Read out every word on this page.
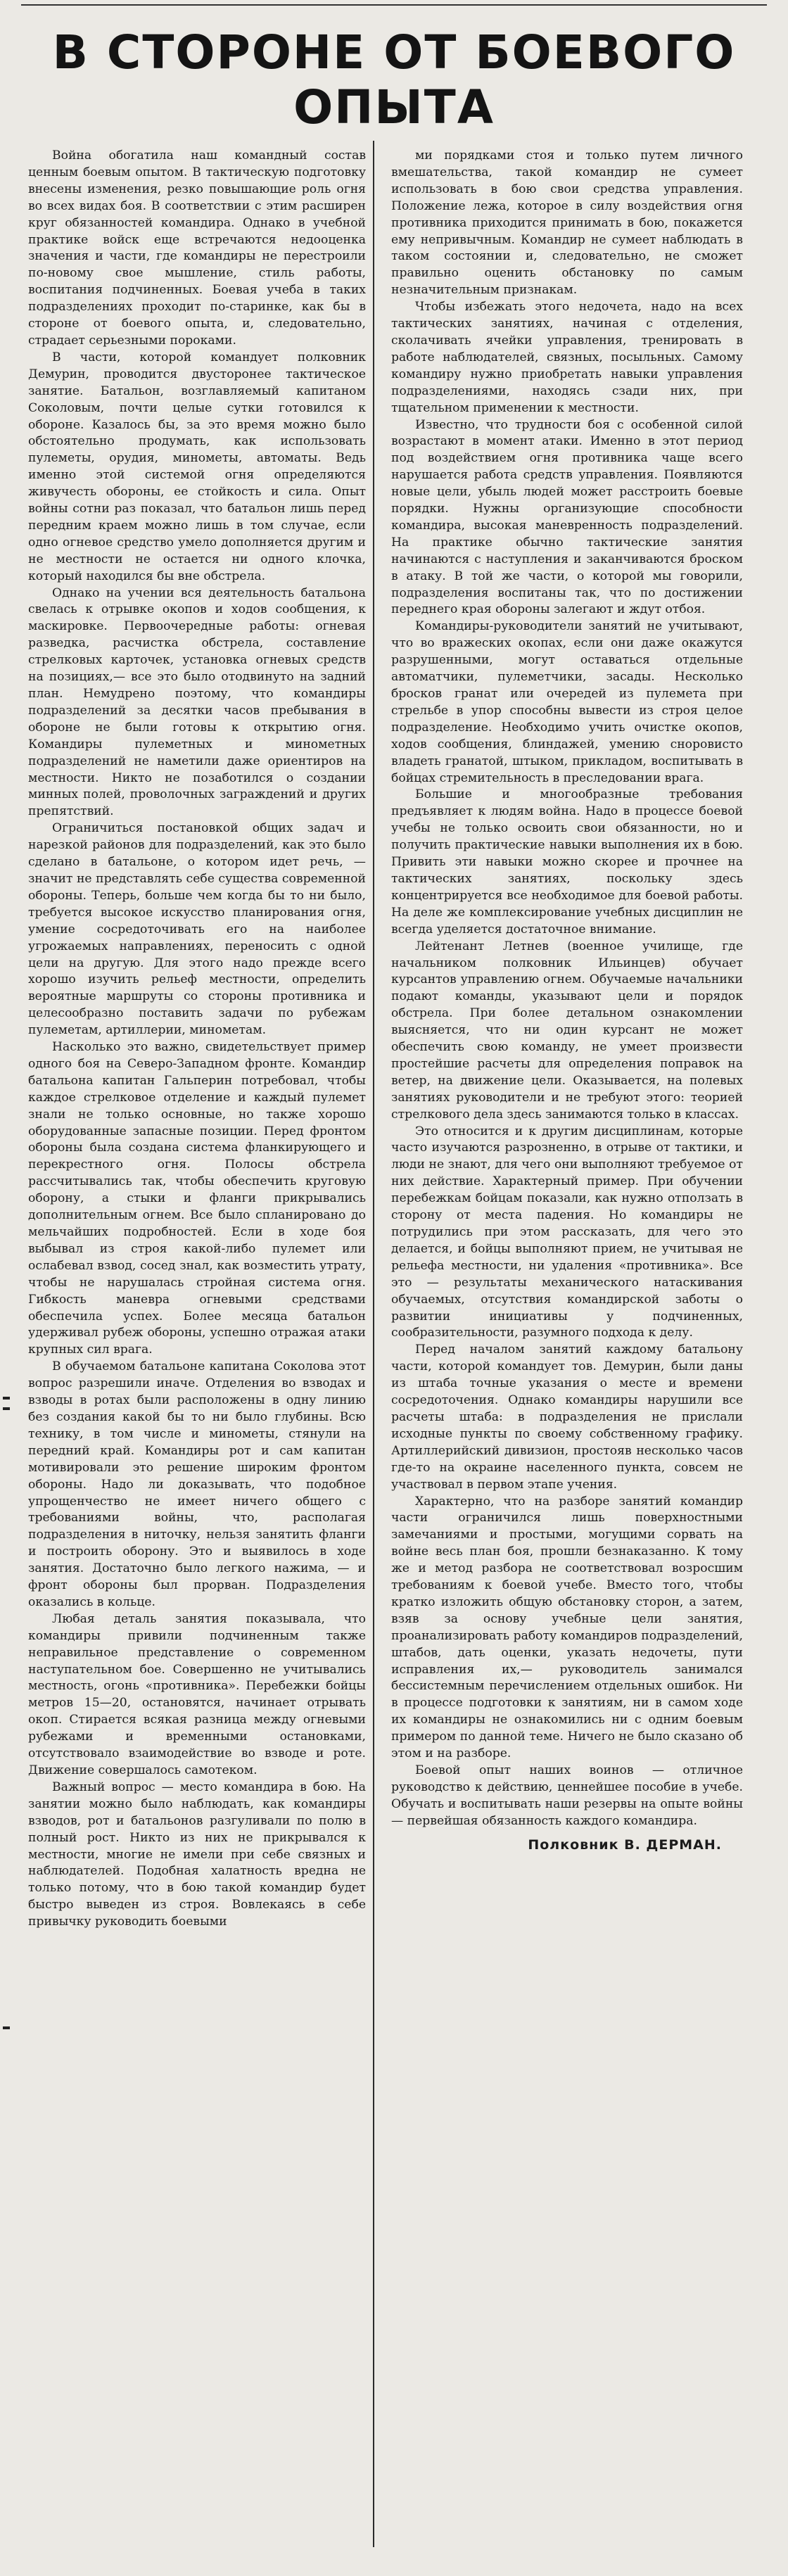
В СТОРОНЕ ОТ БОЕВОГО
ОПЫТА

Война обогатила наш командный состав ценным боевым опытом. В тактическую подготовку внесены изменения, резко повышающие роль огня во всех видах боя. В соответствии с этим расширен круг обязанностей командира. Однако в учебной практике войск еще встречаются недооценка значения и части, где командиры не перестроили по-новому свое мышление, стиль работы, воспитания подчиненных. Боевая учеба в таких подразделениях проходит по-старинке, как бы в стороне от боевого опыта, и, следовательно, страдает серьезными пороками.

В части, которой командует полковник Демурин, проводится двусторонее тактическое занятие. Батальон, возглавляемый капитаном Соколовым, почти целые сутки готовился к обороне. Казалось бы, за это время можно было обстоятельно продумать, как использовать пулеметы, орудия, минометы, автоматы. Ведь именно этой системой огня определяются живучесть обороны, ее стойкость и сила. Опыт войны сотни раз показал, что батальон лишь перед передним краем можно лишь в том случае, если одно огневое средство умело дополняется другим и не местности не остается ни одного клочка, который находился бы вне обстрела.

Однако на учении вся деятельность батальона свелась к отрывке окопов и ходов сообщения, к маскировке. Первоочередные работы: огневая разведка, расчистка обстрела, составление стрелковых карточек, установка огневых средств на позициях,— все это было отодвинуто на задний план. Немудрено поэтому, что командиры подразделений за десятки часов пребывания в обороне не были готовы к открытию огня. Командиры пулеметных и минометных подразделений не наметили даже ориентиров на местности. Никто не позаботился о создании минных полей, проволочных заграждений и других препятствий.

Ограничиться постановкой общих задач и нарезкой районов для подразделений, как это было сделано в батальоне, о котором идет речь, — значит не представлять себе существа современной обороны. Теперь, больше чем когда бы то ни было, требуется высокое искусство планирования огня, умение сосредоточивать его на наиболее угрожаемых направлениях, переносить с одной цели на другую. Для этого надо прежде всего хорошо изучить рельеф местности, определить вероятные маршруты со стороны противника и целесообразно поставить задачи по рубежам пулеметам, артиллерии, минометам.

Насколько это важно, свидетельствует пример одного боя на Северо-Западном фронте. Командир батальона капитан Гальперин потребовал, чтобы каждое стрелковое отделение и каждый пулемет знали не только основные, но также хорошо оборудованные запасные позиции. Перед фронтом обороны была создана система фланкирующего и перекрестного огня. Полосы обстрела рассчитывались так, чтобы обеспечить круговую оборону, а стыки и фланги прикрывались дополнительным огнем. Все было спланировано до мельчайших подробностей. Если в ходе боя выбывал из строя какой-либо пулемет или ослабевал взвод, сосед знал, как возместить утрату, чтобы не нарушалась стройная система огня. Гибкость маневра огневыми средствами обеспечила успех. Более месяца батальон удерживал рубеж обороны, успешно отражая атаки крупных сил врага.

В обучаемом батальоне капитана Соколова этот вопрос разрешили иначе. Отделения во взводах и взводы в ротах были расположены в одну линию без создания какой бы то ни было глубины. Всю технику, в том числе и минометы, стянули на передний край. Командиры рот и сам капитан мотивировали это решение широким фронтом обороны. Надо ли доказывать, что подобное упрощенчество не имеет ничего общего с требованиями войны, что, располагая подразделения в ниточку, нельзя занятить фланги и построить оборону. Это и выявилось в ходе занятия. Достаточно было легкого нажима, — и фронт обороны был прорван. Подразделения оказались в кольце.

Любая деталь занятия показывала, что командиры привили подчиненным также неправильное представление о современном наступательном бое. Совершенно не учитывались местность, огонь «противника». Перебежки бойцы метров 15—20, остановятся, начинает отрывать окоп. Стирается всякая разница между огневыми рубежами и временными остановками, отсутствовало взаимодействие во взводе и роте. Движение совершалось самотеком.

Важный вопрос — место командира в бою. На занятии можно было наблюдать, как командиры взводов, рот и батальонов разгуливали по полю в полный рост. Никто из них не прикрывался к местности, многие не имели при себе связных и наблюдателей. Подобная халатность вредна не только потому, что в бою такой командир будет быстро выведен из строя. Вовлекаясь в себе привычку руководить боевыми

ми порядками стоя и только путем личного вмешательства, такой командир не сумеет использовать в бою свои средства управления. Положение лежа, которое в силу воздействия огня противника приходится принимать в бою, покажется ему непривычным. Командир не сумеет наблюдать в таком состоянии и, следовательно, не сможет правильно оценить обстановку по самым незначительным признакам.

Чтобы избежать этого недочета, надо на всех тактических занятиях, начиная с отделения, сколачивать ячейки управления, тренировать в работе наблюдателей, связных, посыльных. Самому командиру нужно приобретать навыки управления подразделениями, находясь сзади них, при тщательном применении к местности.

Известно, что трудности боя с особенной силой возрастают в момент атаки. Именно в этот период под воздействием огня противника чаще всего нарушается работа средств управления. Появляются новые цели, убыль людей может расстроить боевые порядки. Нужны организующие способности командира, высокая маневренность подразделений. На практике обычно тактические занятия начинаются с наступления и заканчиваются броском в атаку. В той же части, о которой мы говорили, подразделения воспитаны так, что по достижении переднего края обороны залегают и ждут отбоя.

Командиры-руководители занятий не учитывают, что во вражеских окопах, если они даже окажутся разрушенными, могут оставаться отдельные автоматчики, пулеметчики, засады. Несколько бросков гранат или очередей из пулемета при стрельбе в упор способны вывести из строя целое подразделение. Необходимо учить очистке окопов, ходов сообщения, блиндажей, умению сноровисто владеть гранатой, штыком, прикладом, воспитывать в бойцах стремительность в преследовании врага.

Большие и многообразные требования предъявляет к людям война. Надо в процессе боевой учебы не только освоить свои обязанности, но и получить практические навыки выполнения их в бою. Привить эти навыки можно скорее и прочнее на тактических занятиях, поскольку здесь концентрируется все необходимое для боевой работы. На деле же комплексирование учебных дисциплин не всегда уделяется достаточное внимание.

Лейтенант Летнев (военное училище, где начальником полковник Ильинцев) обучает курсантов управлению огнем. Обучаемые начальники подают команды, указывают цели и порядок обстрела. При более детальном ознакомлении выясняется, что ни один курсант не может обеспечить свою команду, не умеет произвести простейшие расчеты для определения поправок на ветер, на движение цели. Оказывается, на полевых занятиях руководители и не требуют этого: теорией стрелкового дела здесь занимаются только в классах.

Это относится и к другим дисциплинам, которые часто изучаются разрозненно, в отрыве от тактики, и люди не знают, для чего они выполняют требуемое от них действие. Характерный пример. При обучении перебежкам бойцам показали, как нужно отползать в сторону от места падения. Но командиры не потрудились при этом рассказать, для чего это делается, и бойцы выполняют прием, не учитывая не рельефа местности, ни удаления «противника». Все это — результаты механического натаскивания обучаемых, отсутствия командирской заботы о развитии инициативы у подчиненных, сообразительности, разумного подхода к делу.

Перед началом занятий каждому батальону части, которой командует тов. Демурин, были даны из штаба точные указания о месте и времени сосредоточения. Однако командиры нарушили все расчеты штаба: в подразделения не прислали исходные пункты по своему собственному графику. Артиллерийский дивизион, простояв несколько часов где-то на окраине населенного пункта, совсем не участвовал в первом этапе учения.

Характерно, что на разборе занятий командир части ограничился лишь поверхностными замечаниями и простыми, могущими сорвать на войне весь план боя, прошли безнаказанно. К тому же и метод разбора не соответствовал возросшим требованиям к боевой учебе. Вместо того, чтобы кратко изложить общую обстановку сторон, а затем, взяв за основу учебные цели занятия, проанализировать работу командиров подразделений, штабов, дать оценки, указать недочеты, пути исправления их,— руководитель занимался бессистемным перечислением отдельных ошибок. Ни в процессе подготовки к занятиям, ни в самом ходе их командиры не ознакомились ни с одним боевым примером по данной теме. Ничего не было сказано об этом и на разборе.

Боевой опыт наших воинов — отличное руководство к действию, ценнейшее пособие в учебе. Обучать и воспитывать наши резервы на опыте войны — первейшая обязанность каждого командира.

Полковник В. ДЕРМАН.
